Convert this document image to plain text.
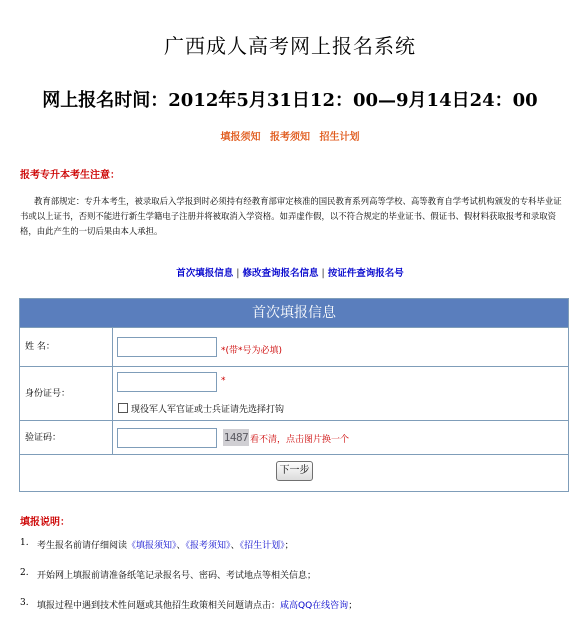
广西成人高考网上报名系统
网上报名时间：2012年5月31日12：00—9月14日24：00
填报须知 报考须知 招生计划
报考专升本考生注意：
教育部规定：专升本考生，被录取后入学报到时必须持有经教育部审定核准的国民教育系列高等学校、高等教育自学考试机构颁发的专科毕业证书或以上证书，否则不能进行新生学籍电子注册并将被取消入学资格。如弄虚作假，以不符合规定的毕业证书、假证书、假材料获取报考和录取资格，由此产生的一切后果由本人承担。
首次填报信息 | 修改查询报名信息 | 按证件查询报名号
首次填报信息
姓 名：	*(带*号为必填)
身份证号：
*
现役军人军官证或士兵证请先选择打钩
验证码：	1487 看不清，点击图片换一个
下一步
填报说明：
1. 考生报名前请仔细阅读《填报须知》、《报考须知》、《招生计划》；
2. 开始网上填报前请准备纸笔记录报名号、密码、考试地点等相关信息；
3. 填报过程中遇到技术性问题或其他招生政策相关问题请点击：咸高QQ在线咨询；
